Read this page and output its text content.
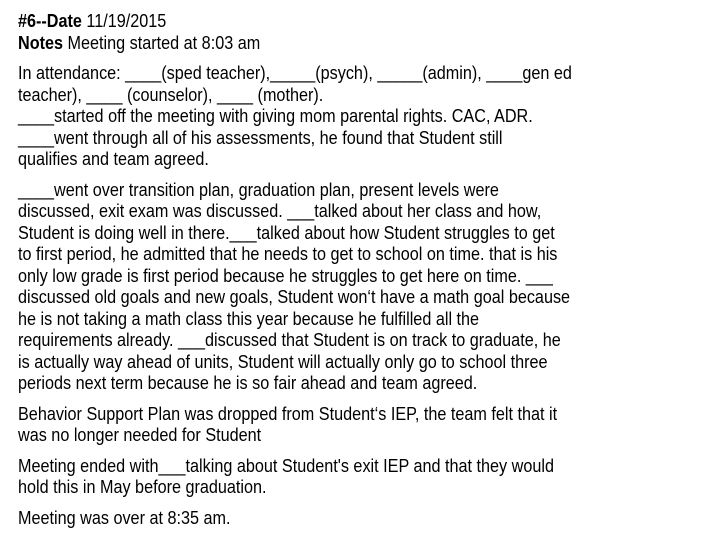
#6--Date 11/19/2015
Notes Meeting started at 8:03 am
In attendance: ____(sped teacher),_____(psych), _____(admin), ____gen ed
teacher), ____ (counselor), ____ (mother).
____started off the meeting with giving mom parental rights. CAC, ADR.
____went through all of his assessments, he found that Student still
qualifies and team agreed.
____went over transition plan, graduation plan, present levels were
discussed, exit exam was discussed. ___talked about her class and how,
Student is doing well in there.___talked about how Student struggles to get
to first period, he admitted that he needs to get to school on time. that is his
only low grade is first period because he struggles to get here on time. ___
discussed old goals and new goals, Student won‘t have a math goal because
he is not taking a math class this year because he fulfilled all the
requirements already. ___discussed that Student is on track to graduate, he
is actually way ahead of units, Student will actually only go to school three
periods next term because he is so fair ahead and team agreed.
Behavior Support Plan was dropped from Student‘s IEP, the team felt that it
was no longer needed for Student
Meeting ended with___talking about Student's exit IEP and that they would
hold this in May before graduation.
Meeting was over at 8:35 am.
